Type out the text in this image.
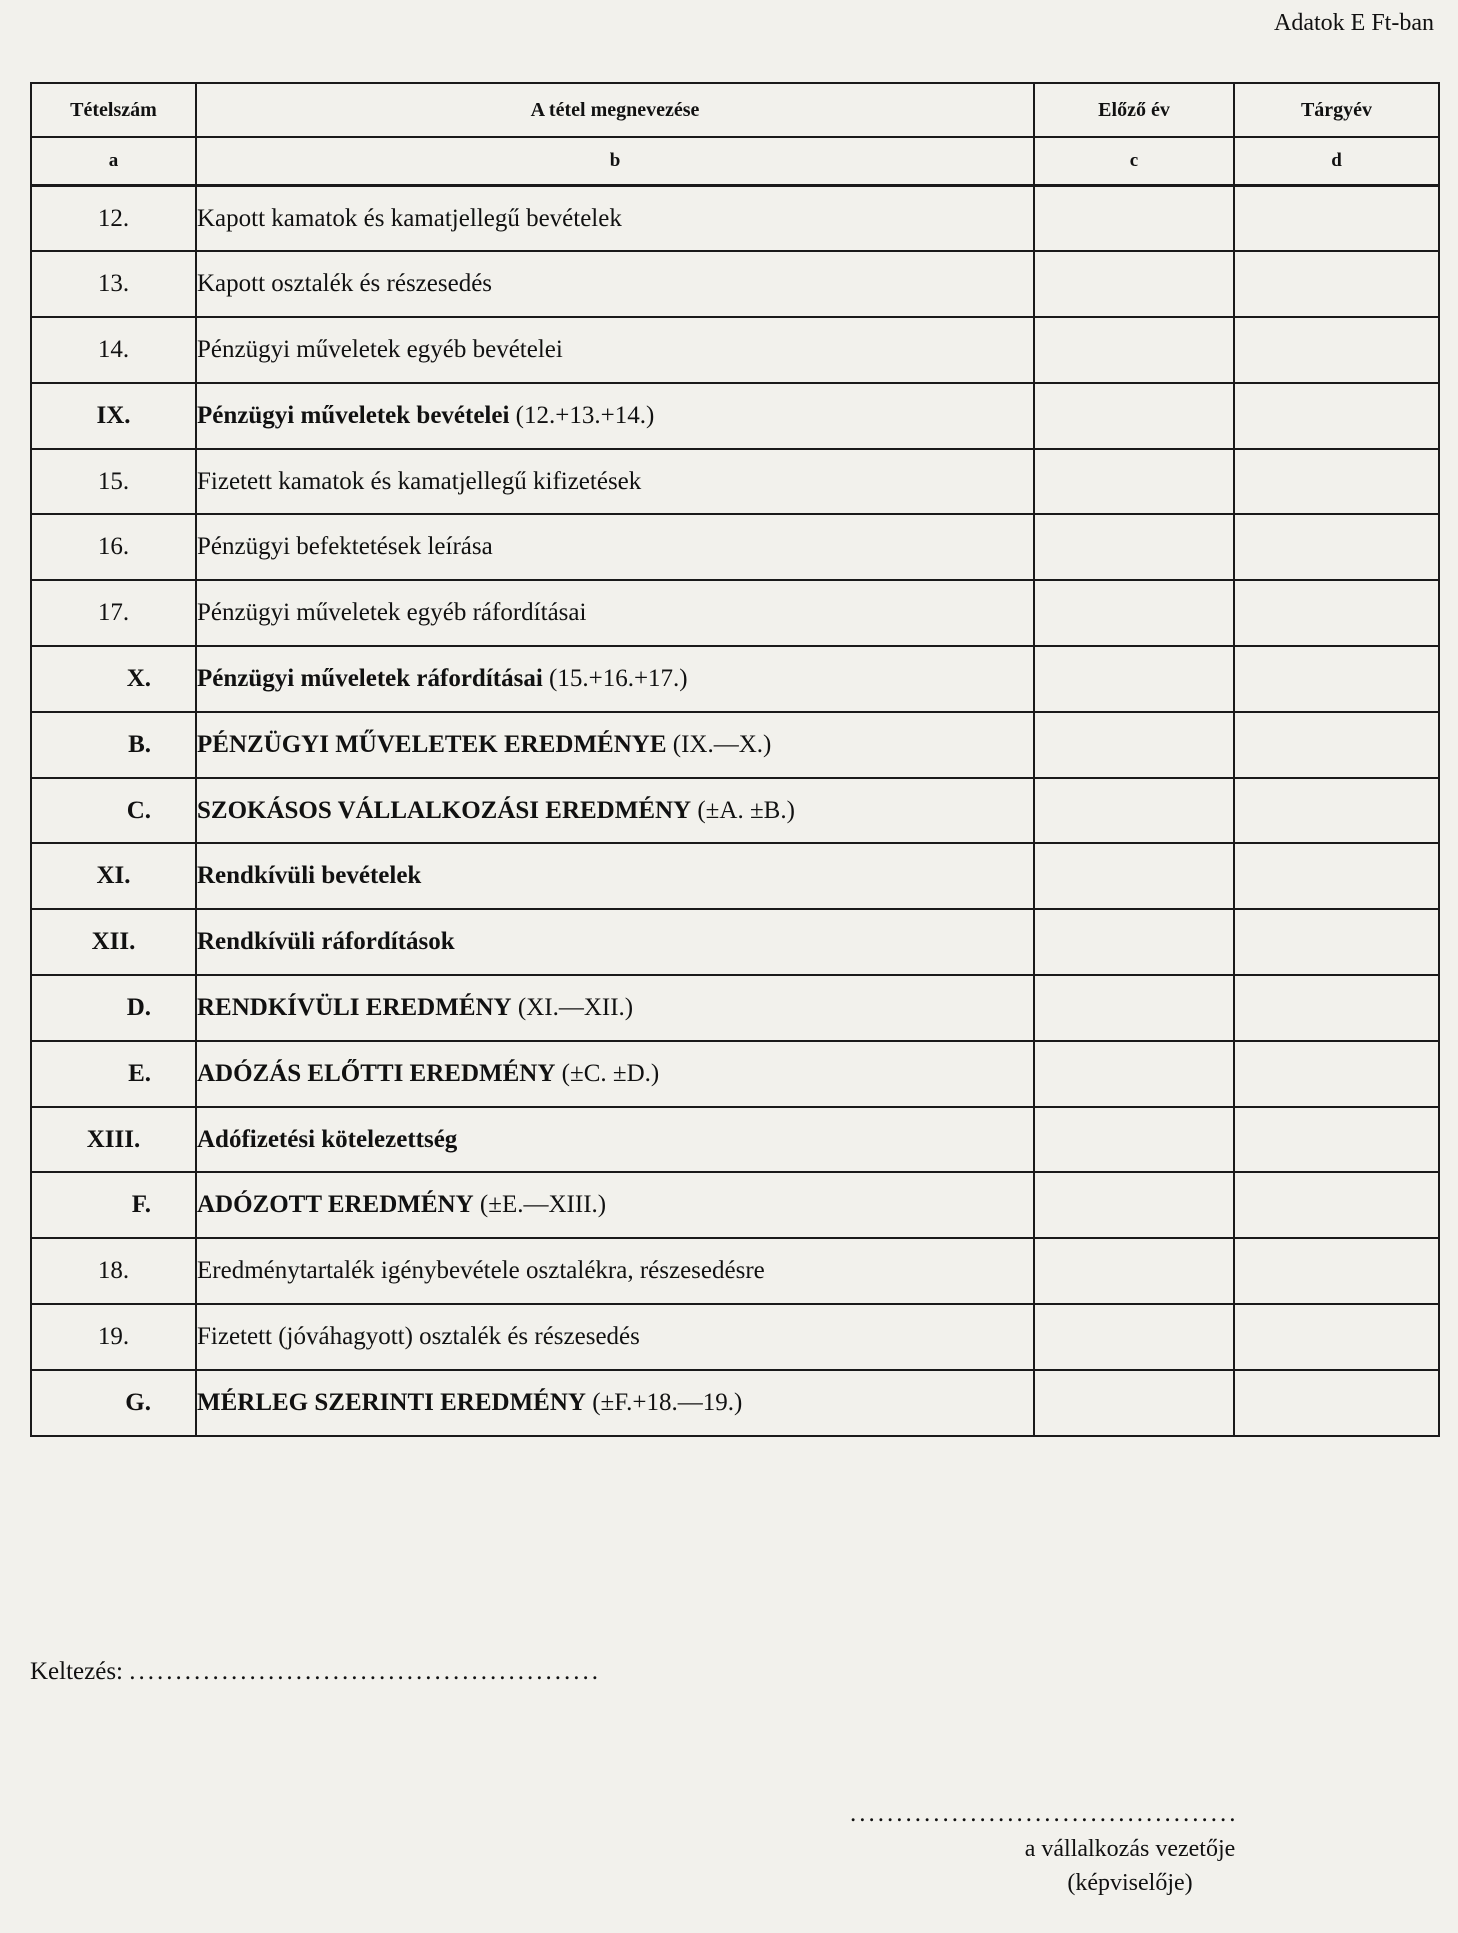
Adatok E Ft-ban
Tételszám	A tétel megnevezése	Előző év	Tárgyév
a	b	c	d
12.	Kapott kamatok és kamatjellegű bevételek		
13.	Kapott osztalék és részesedés		
14.	Pénzügyi műveletek egyéb bevételei		
IX.	Pénzügyi műveletek bevételei (12.+13.+14.)		
15.	Fizetett kamatok és kamatjellegű kifizetések		
16.	Pénzügyi befektetések leírása		
17.	Pénzügyi műveletek egyéb ráfordításai		
X.	Pénzügyi műveletek ráfordításai (15.+16.+17.)		
B.	PÉNZÜGYI MŰVELETEK EREDMÉNYE (IX.—X.)		
C.	SZOKÁSOS VÁLLALKOZÁSI EREDMÉNY (±A. ±B.)		
XI.	Rendkívüli bevételek		
XII.	Rendkívüli ráfordítások		
D.	RENDKÍVÜLI EREDMÉNY (XI.—XII.)		
E.	ADÓZÁS ELŐTTI EREDMÉNY (±C. ±D.)		
XIII.	Adófizetési kötelezettség		
F.	ADÓZOTT EREDMÉNY (±E.—XIII.)		
18.	Eredménytartalék igénybevétele osztalékra, részesedésre		
19.	Fizetett (jóváhagyott) osztalék és részesedés		
G.	MÉRLEG SZERINTI EREDMÉNY (±F.+18.—19.)		
Keltezés: ...................................................
..........................................
a vállalkozás vezetője
(képviselője)
